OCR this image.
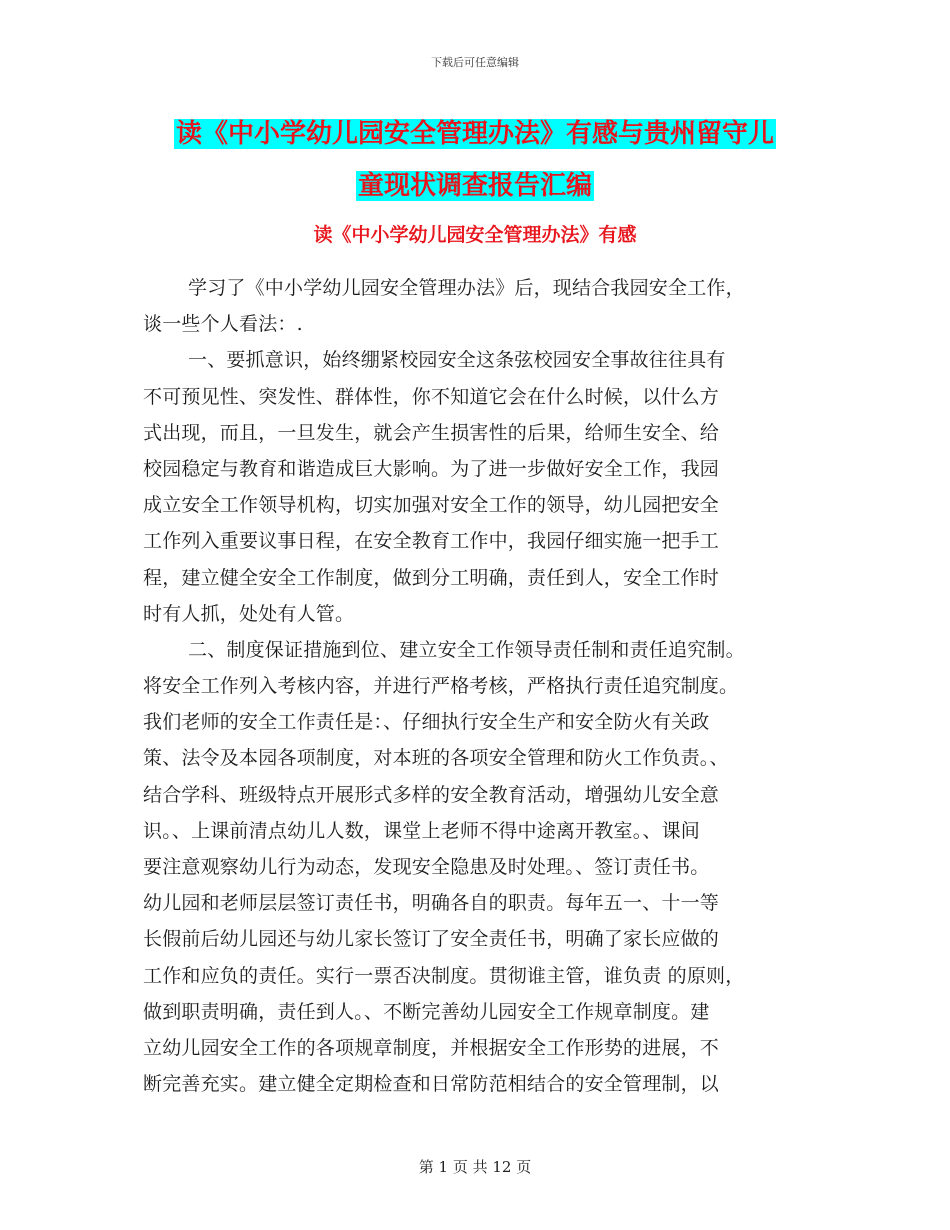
下载后可任意编辑
读《中小学幼儿园安全管理办法》有感与贵州留守儿
童现状调查报告汇编
读《中小学幼儿园安全管理办法》有感
学习了《中小学幼儿园安全管理办法》后，现结合我园安全工作，
谈一些个人看法：.
一、要抓意识，始终绷紧校园安全这条弦校园安全事故往往具有
不可预见性、突发性、群体性，你不知道它会在什么时候，以什么方
式出现，而且，一旦发生，就会产生损害性的后果，给师生安全、给
校园稳定与教育和谐造成巨大影响。为了进一步做好安全工作，我园
成立安全工作领导机构，切实加强对安全工作的领导，幼儿园把安全
工作列入重要议事日程，在安全教育工作中，我园仔细实施一把手工
程，建立健全安全工作制度，做到分工明确，责任到人，安全工作时
时有人抓，处处有人管。
二、制度保证措施到位、建立安全工作领导责任制和责任追究制。
将安全工作列入考核内容，并进行严格考核，严格执行责任追究制度。
我们老师的安全工作责任是：、仔细执行安全生产和安全防火有关政
策、法令及本园各项制度，对本班的各项安全管理和防火工作负责。、
结合学科、班级特点开展形式多样的安全教育活动，增强幼儿安全意
识。、上课前清点幼儿人数，课堂上老师不得中途离开教室。、课间
要注意观察幼儿行为动态，发现安全隐患及时处理。、签订责任书。
幼儿园和老师层层签订责任书，明确各自的职责。每年五一、十一等
长假前后幼儿园还与幼儿家长签订了安全责任书，明确了家长应做的
工作和应负的责任。实行一票否决制度。贯彻谁主管，谁负责 的原则，
做到职责明确，责任到人。、不断完善幼儿园安全工作规章制度。建
立幼儿园安全工作的各项规章制度，并根据安全工作形势的进展，不
断完善充实。建立健全定期检查和日常防范相结合的安全管理制，以
第 1 页 共 12 页
